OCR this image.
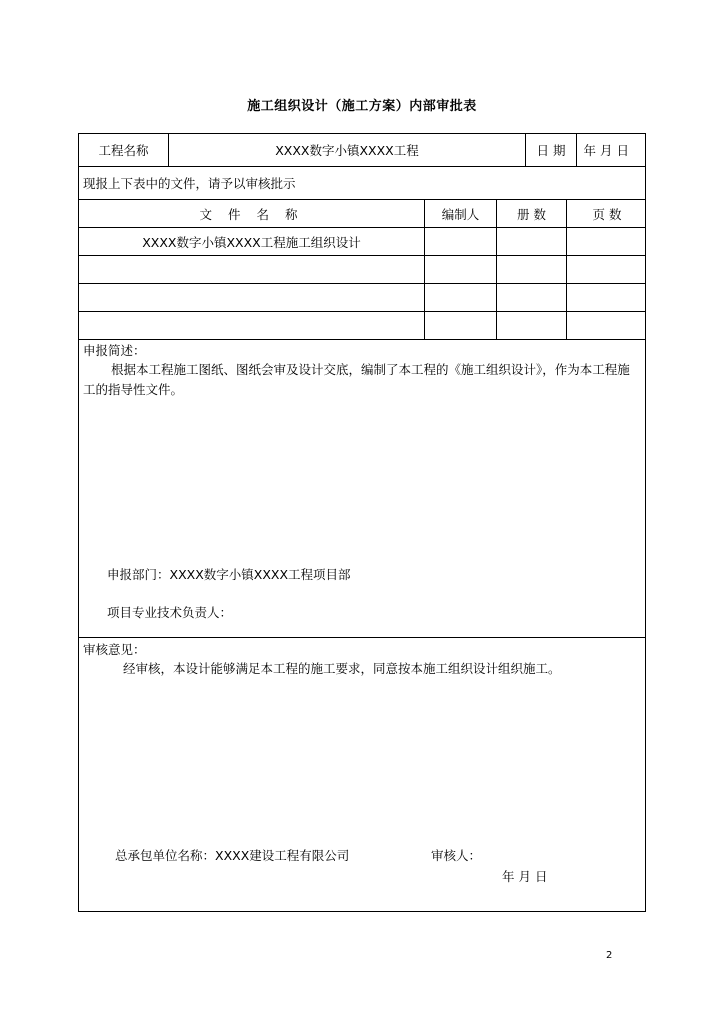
施工组织设计（施工方案）内部审批表
工程名称	XXXX数字小镇XXXX工程	日 期	年 月 日
现报上下表中的文件，请予以审核批示
文 件 名 称	编制人	册 数	页 数
XXXX数字小镇XXXX工程施工组织设计
申报简述：
根据本工程施工图纸、图纸会审及设计交底，编制了本工程的《施工组织设计》，作为本工程施工的指导性文件。
申报部门：XXXX数字小镇XXXX工程项目部
项目专业技术负责人：
审核意见：
经审核，本设计能够满足本工程的施工要求，同意按本施工组织设计组织施工。
总承包单位名称：XXXX建设工程有限公司	审核人：
年 月 日
2
